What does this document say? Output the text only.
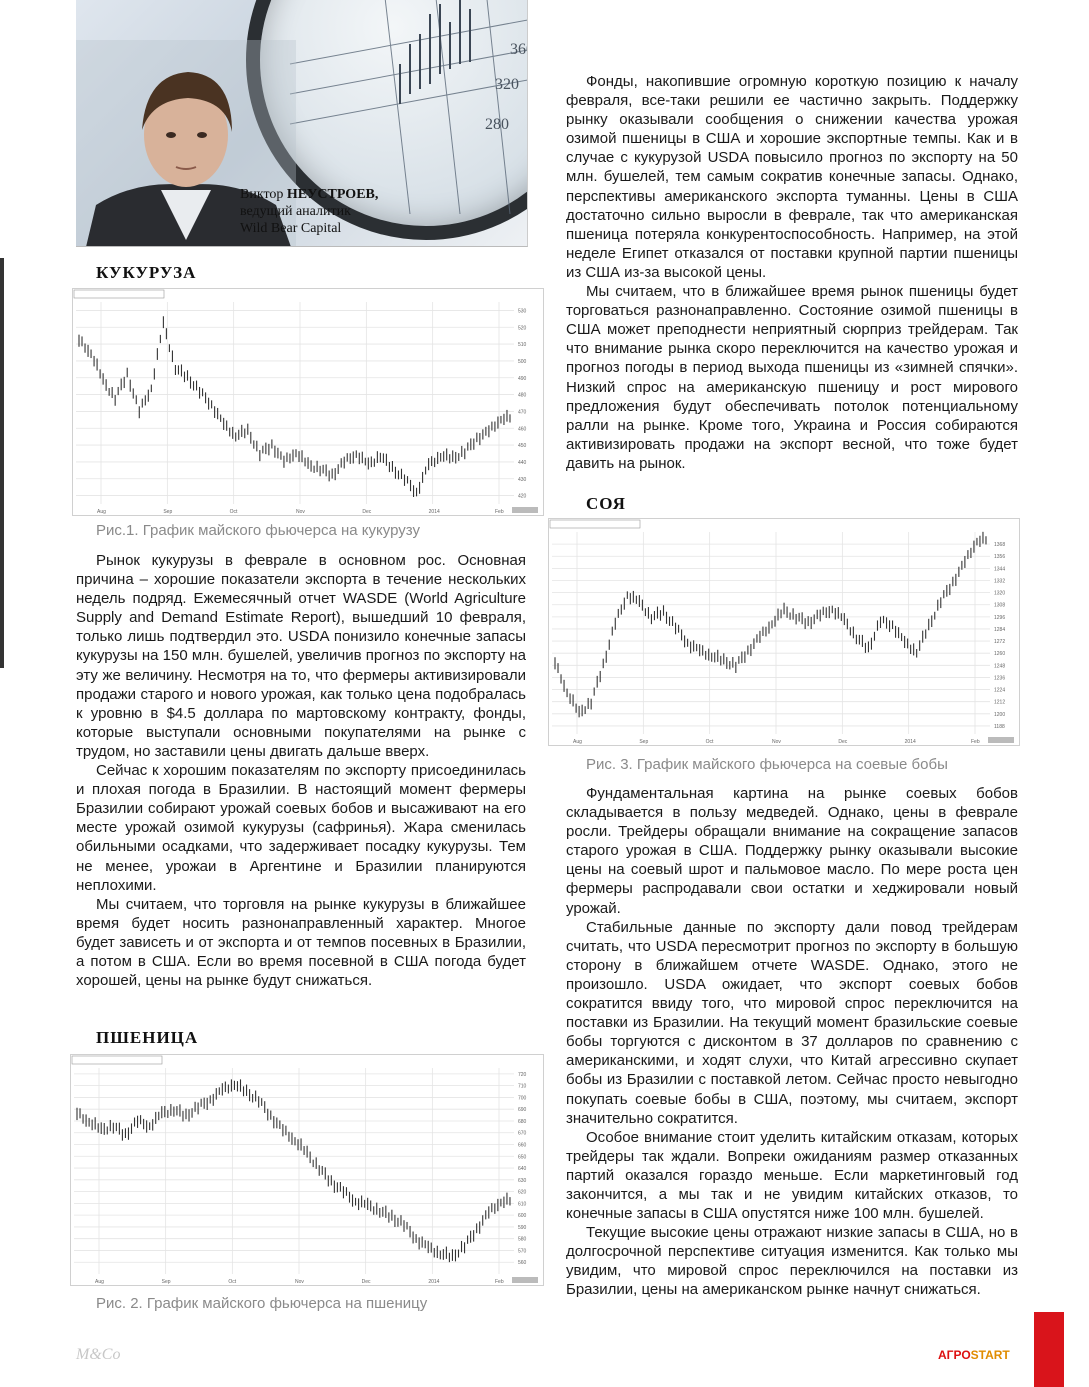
360
320
280
Виктор НЕУСТРОЕВ,
ведущий аналитик
Wild Bear Capital
КУКУРУЗА
420
430
440
450
460
470
480
490
500
510
520
530
Aug	Sep	Oct	Nov	Dec	2014	Feb
Рис.1. График майского фьючерса на кукурузу

Рынок кукурузы в феврале в основном рос. Основная причина – хорошие показатели экспорта в течение нескольких недель подряд. Ежемесячный отчет WASDE (World Agriculture Supply and Demand Estimate Report), вышедший 10 февраля, только лишь подтвердил это. USDA понизило конечные запасы кукурузы на 150 млн. бушелей, увеличив прогноз по экспорту на эту же величину. Несмотря на то, что фермеры активизировали продажи старого и нового урожая, как только цена подобралась к уровню в $4.5 доллара по мартовскому контракту, фонды, которые выступали основными покупателями на рынке с трудом, но заставили цены двигать дальше вверх.

Сейчас к хорошим показателям по экспорту присоединилась и плохая погода в Бразилии. В настоящий момент фермеры Бразилии собирают урожай соевых бобов и высаживают на его месте урожай озимой кукурузы (сафринья). Жара сменилась обильными осадками, что задерживает посадку кукурузы. Тем не менее, урожаи в Аргентине и Бразилии планируются неплохими.

Мы считаем, что торговля на рынке кукурузы в ближайшее время будет носить разнонаправленный характер. Многое будет зависеть и от экспорта и от темпов посевных в Бразилии, а потом в США. Если во время посевной в США погода будет хорошей, цены на рынке будут снижаться.

ПШЕНИЦА
560
570
580
590
600
610
620
630
640
650
660
670
680
690
700
710
720
Aug	Sep	Oct	Nov	Dec	2014	Feb
Рис. 2. График майского фьючерса на пшеницу

Фонды, накопившие огромную короткую позицию к началу февраля, все-таки решили ее частично закрыть. Поддержку рынку оказывали сообщения о снижении качества урожая озимой пшеницы в США и хорошие экспортные темпы. Как и в случае с кукурузой USDA повысило прогноз по экспорту на 50 млн. бушелей, тем самым сократив конечные запасы. Однако, перспективы американского экспорта туманны. Цены в США достаточно сильно выросли в феврале, так что американская пшеница потеряла конкурентоспособность. Например, на этой неделе Египет отказался от поставки крупной партии пшеницы из США из-за высокой цены.

Мы считаем, что в ближайшее время рынок пшеницы будет торговаться разнонаправленно. Состояние озимой пшеницы в США может преподнести неприятный сюрприз трейдерам. Так что внимание рынка скоро переключится на качество урожая и прогноз погоды в период выхода пшеницы из «зимней спячки». Низкий спрос на американскую пшеницу и рост мирового предложения будут обеспечивать потолок потенциальному ралли на рынке. Кроме того, Украина и Россия собираются активизировать продажи на экспорт весной, что тоже будет давить на рынок.

СОЯ
1188
1200
1212
1224
1236
1248
1260
1272
1284
1296
1308
1320
1332
1344
1356
1368
Aug	Sep	Oct	Nov	Dec	2014	Feb
Рис. 3. График майского фьючерса на соевые бобы

Фундаментальная картина на рынке соевых бобов складывается в пользу медведей. Однако, цены в феврале росли. Трейдеры обращали внимание на сокращение запасов старого урожая в США. Поддержку рынку оказывали высокие цены на соевый шрот и пальмовое масло. По мере роста цен фермеры распродавали свои остатки и хеджировали новый урожай.

Стабильные данные по экспорту дали повод трейдерам считать, что USDA пересмотрит прогноз по экспорту в большую сторону в ближайшем отчете WASDE. Однако, этого не произошло. USDA ожидает, что экспорт соевых бобов сократится ввиду того, что мировой спрос переключится на поставки из Бразилии. На текущий момент бразильские соевые бобы торгуются с дисконтом в 37 долларов по сравнению с американскими, и ходят слухи, что Китай агрессивно скупает бобы из Бразилии с поставкой летом. Сейчас просто невыгодно покупать соевые бобы в США, поэтому, мы считаем, экспорт значительно сократится.

Особое внимание стоит уделить китайским отказам, которых трейдеры так ждали. Вопреки ожиданиям размер отказанных партий оказался гораздо меньше. Если маркетинговый год закончится, а мы так и не увидим китайских отказов, то конечные запасы в США опустятся ниже 100 млн. бушелей.

Текущие высокие цены отражают низкие запасы в США, но в долгосрочной перспективе ситуация изменится. Как только мы увидим, что мировой спрос переключился на поставки из Бразилии, цены на американском рынке начнут снижаться.

M&Co	АГРОSTART
